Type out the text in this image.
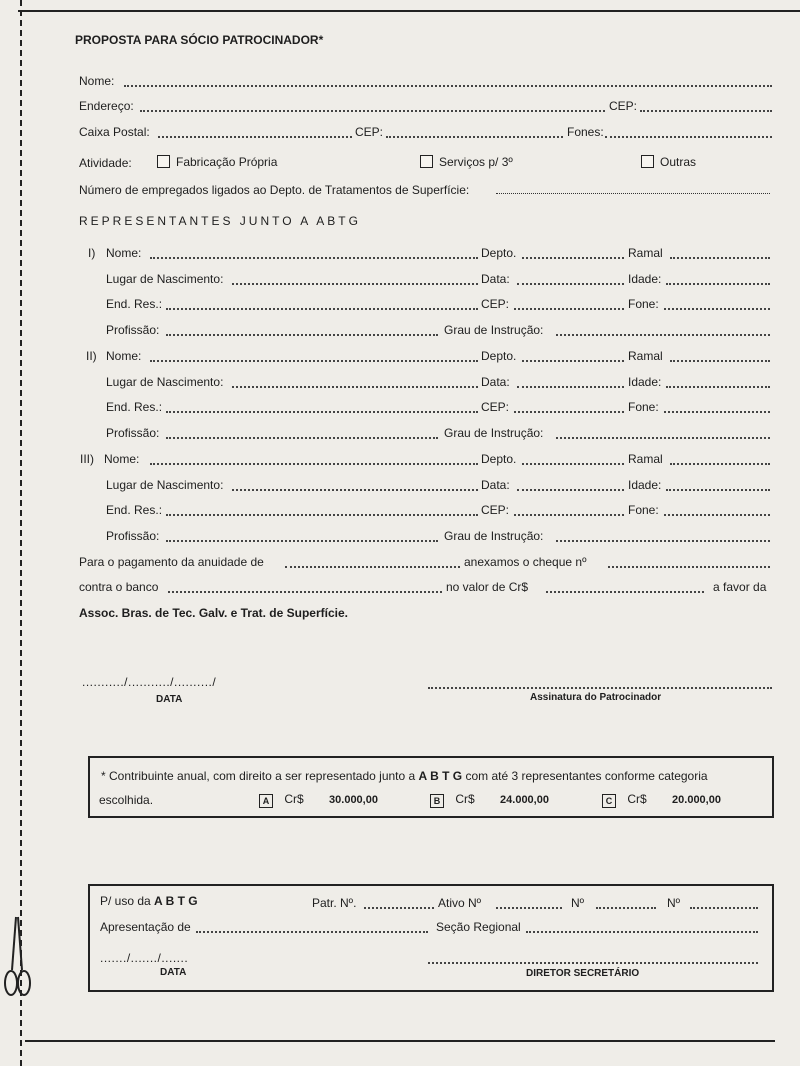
PROPOSTA PARA SÓCIO PATROCINADOR*
Nome:
Endereço:	CEP:
Caixa Postal:	CEP:	Fones:
Atividade:	Fabricação Própria	Serviços p/ 3º	Outras
Número de empregados ligados ao Depto. de Tratamentos de Superfície:
REPRESENTANTES JUNTO A ABTG
I) Nome:	Depto.	Ramal
Lugar de Nascimento:	Data:	Idade:
End. Res.:	CEP:	Fone:
Profissão:	Grau de Instrução:
II) Nome:	Depto.	Ramal
Lugar de Nascimento:	Data:	Idade:
End. Res.:	CEP:	Fone:
Profissão:	Grau de Instrução:
III) Nome:	Depto.	Ramal
Lugar de Nascimento:	Data:	Idade:
End. Res.:	CEP:	Fone:
Profissão:	Grau de Instrução:
Para o pagamento da anuidade de	anexamos o cheque nº
contra o banco	no valor de Cr$	a favor da
Assoc. Bras. de Tec. Galv. e Trat. de Superfície.
.........../.........../........../
DATA	Assinatura do Patrocinador
* Contribuinte anual, com direito a ser representado junto a A B T G com até 3 representantes conforme categoria
escolhida.	A Cr$ 30.000,00	B Cr$ 24.000,00	C Cr$ 20.000,00
P/ uso da A B T G	Patr. Nº.	Ativo Nº	Nº	Nº
Apresentação de	Seção Regional
......./......./.......
DATA	DIRETOR SECRETÁRIO
